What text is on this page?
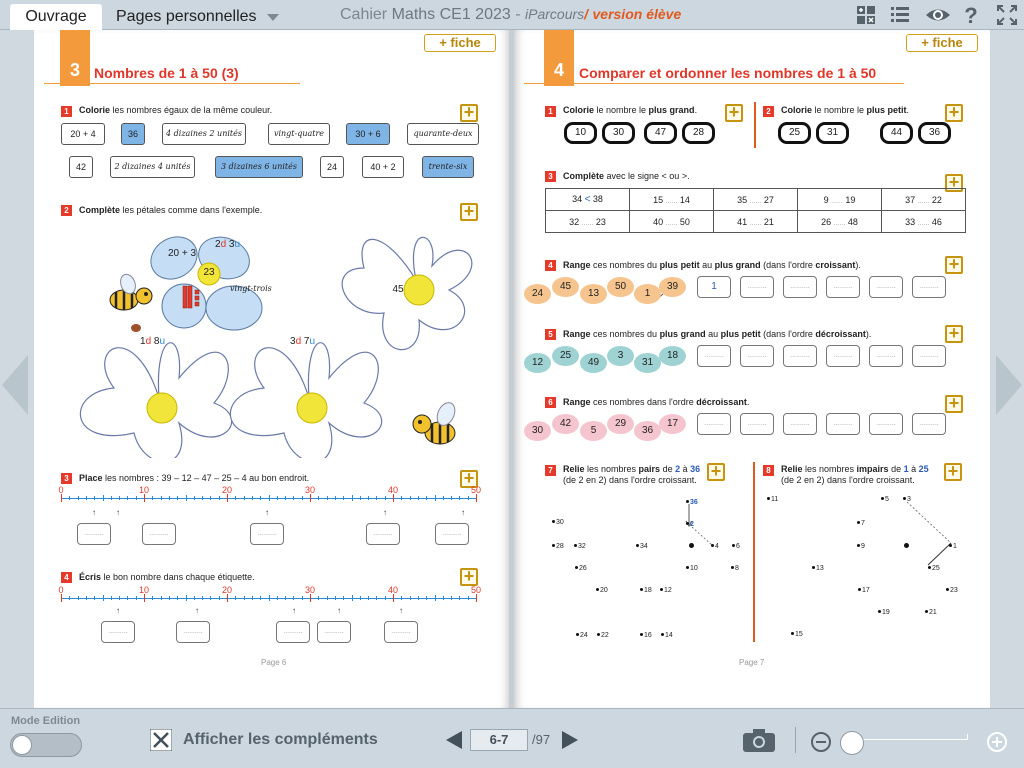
Ouvrage	Pages personnelles	Cahier Maths CE1 2023 - iParcours/ version élève	?
3	Nombres de 1 à 50 (3)
+ fiche
1	Colorie les nombres égaux de la même couleur.	+
20 + 4	36	4 dizaines 2 unités	vingt-quatre	30 + 6	quarante-deux
42	2 dizaines 4 unités	3 dizaines 6 unités	24	40 + 2	trente-six
2	Complète les pétales comme dans l'exemple.	+
2d 3u
20 + 3
23
vingt-trois	45
1d 8u	3d 7u
3	Place les nombres : 39 – 12 – 47 – 25 – 4 au bon endroit.	+
..........	..........	..........	..........	..........
4	Écris le bon nombre dans chaque étiquette.	+
..........	..........	..........	..........	..........
Page 6
0	10	20	30	40	50
0	10	20	30	40	50
↑	↑	↑	↑	↑
↑	↑	↑	↑	↑
4	Comparer et ordonner les nombres de 1 à 50
+ fiche
1	Colorie le nombre le plus grand. +
10	30	47	28
2	Colorie le nombre le plus petit. +
25	31	44	36
3	Complète avec le signe < ou >.	+
34 < 38	15 ...... 14	35 ...... 27	9 ...... 19	37 ...... 22
32 ...... 23	40 ...... 50	41 ...... 21	26 ...... 48	33 ...... 46
4	Range ces nombres du plus petit au plus grand (dans l'ordre croissant).	+
5	Range ces nombres du plus grand au plus petit (dans l'ordre décroissant).	+
6	Range ces nombres dans l'ordre décroissant.	+
7	Relie les nombres pairs de 2 à 36
(de 2 en 2) dans l'ordre croissant. +	8	Relie les nombres impairs de 1 à 25
(de 2 en 2) dans l'ordre croissant. +
Page 7
24
45
13
50
1
39
12
25
49
3
31
18
30
42
5
29
36
17
1	..........	..........	..........	..........	..........
..........	..........	..........	..........	..........	..........
..........	..........	..........	..........	..........	..........
36
2
30
28 32	34	4 6
26	10	8
20	18 12
24 22	16 14
11	5	3
7
9	1
13	25
17	23
19	21
15
Mode Edition
Afficher les compléments	6-7	/97
